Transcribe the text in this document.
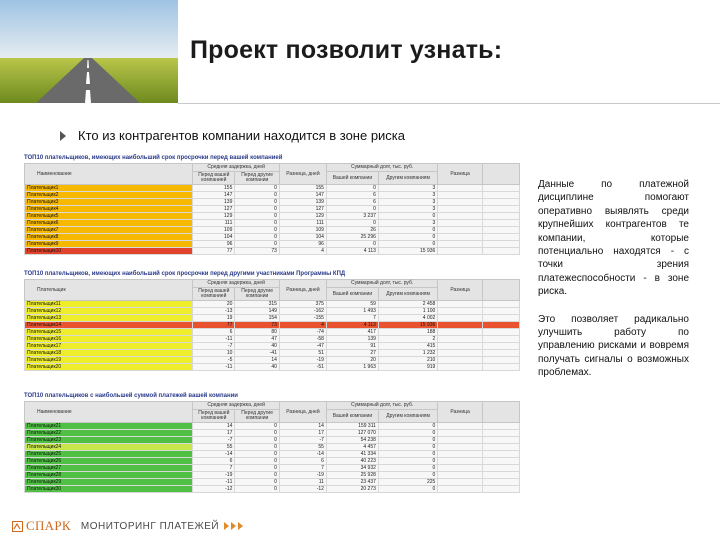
Проект позволит узнать:
Кто из контрагентов компании находится в зоне риска
ТОП10 плательщиков, имеющих наибольший срок просрочки перед вашей компанией
Наименование	Средняя задержка, дней		Разница, дней	Суммарный долг, тыс. руб.		Разница	
	Перед вашей компанией	Перед другие компании		Вашей компании	Другим компаниям		
Плательщик1	155	0	155	0	3		
Плательщик2	147	0	147	6	3		
Плательщик3	139	0	139	6	3		
Плательщик4	127	0	127	0	3		
Плательщик5	129	0	129	3 237	0		
Плательщик6	111	0	111	0	3		
Плательщик7	109	0	109	26	0		
Плательщик8	104	0	104	25 296	0		
Плательщик9	96	0	96	0	0		
Плательщик10	77	73	4	4 113	15 936		
ТОП10 плательщиков, имеющих наибольший срок просрочки перед другими участниками Программы КПД
Плательщик	Средняя задержка, дней		Разница, дней	Суммарный долг, тыс. руб.		Разница	
	Перед вашей компанией	Перед другие компании		Вашей компании	Другим компаниям		
Плательщик11	20	315	375	59	2 458		
Плательщик12	-13	149	-162	1 493	1 100		
Плательщик13	19	154	-155	7	4 002		
Плательщик14	77	73	4	4 113	15 936		
Плательщик15	6	80	-74	417	188		
Плательщик16	-11	47	-58	139	2		
Плательщик17	-7	40	-47	91	415		
Плательщик18	10	-41	51	27	1 232		
Плательщик19	-5	14	-19	20	210		
Плательщик20	-11	40	-51	1 963	919		
ТОП10 плательщиков с наибольшей суммой платежей вашей компании
Наименование	Средняя задержка, дней		Разница, дней	Суммарный долг, тыс. руб.		Разница	
	Перед вашей компанией	Перед другие компании		Вашей компании	Другим компаниям		
Плательщик21	14	0	14	159 311	0		
Плательщик22	17	0	17	127 070	0		
Плательщик23	-7	0	-7	54 238	0		
Плательщик24	55	0	55	4 457	0		
Плательщик25	-14	0	-14	41 334	0		
Плательщик26	6	0	6	40 223	0		
Плательщик27	7	0	7	34 932	0		
Плательщик28	-19	0	-19	25 928	0		
Плательщик29	-11	0	11	23 437	225		
Плательщик30	-12	0	-12	20 273	0		

Данные по платежной дисциплине помогают оперативно выявлять среди крупнейших контрагентов те компании, которые потенциально находятся - с точки зрения платежеспособности - в зоне риска.

Это позволяет радикально улучшить работу по управлению рисками и вовремя получать сигналы о возможных проблемах.

СПАРК МОНИТОРИНГ ПЛАТЕЖЕЙ
